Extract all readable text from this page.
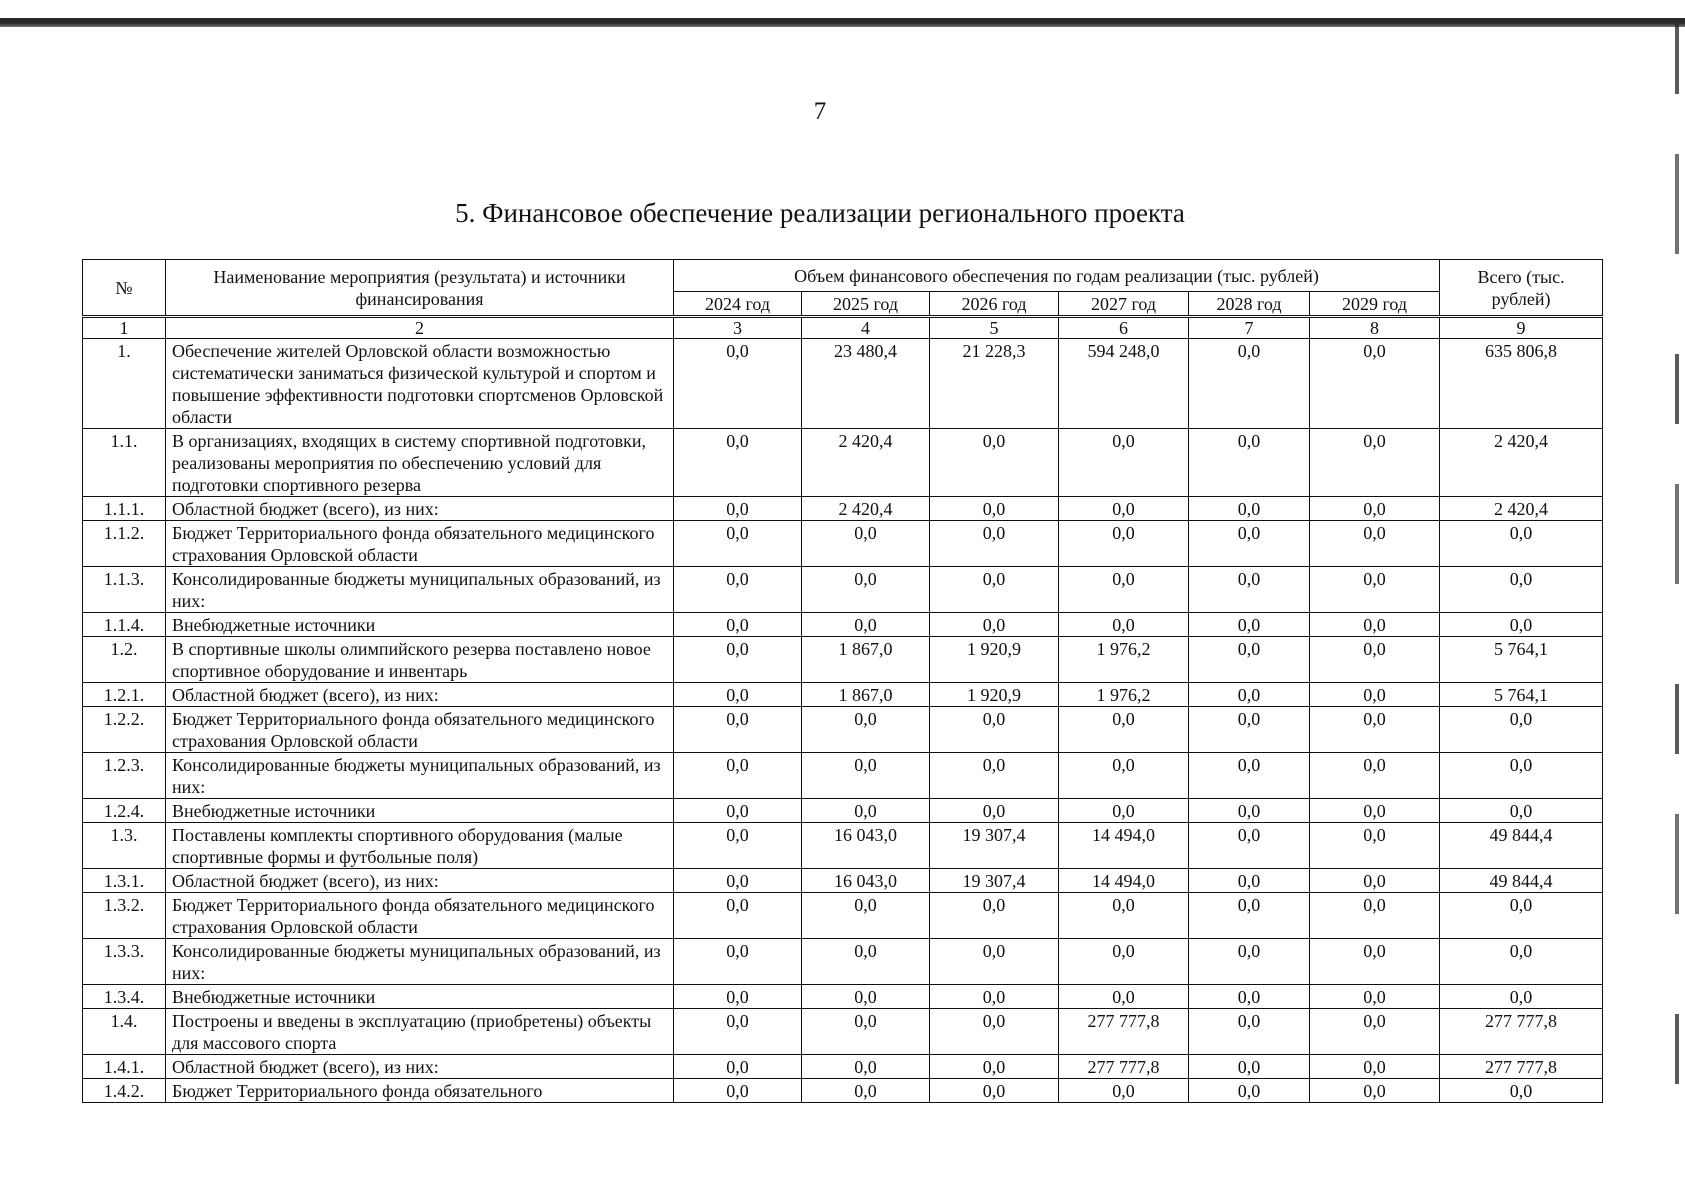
7
5. Финансовое обеспечение реализации регионального проекта
№	Наименование мероприятия (результата) и источники финансирования	Объем финансового обеспечения по годам реализации (тыс. рублей)						Всего (тыс. рублей)
		2024 год	2025 год	2026 год	2027 год	2028 год	2029 год	
1	2	3	4	5	6	7	8	9
1.	Обеспечение жителей Орловской области возможностью систематически заниматься физической культурой и спортом и повышение эффективности подготовки спортсменов Орловской области	0,0	23 480,4	21 228,3	594 248,0	0,0	0,0	635 806,8
1.1.	В организациях, входящих в систему спортивной подготовки, реализованы мероприятия по обеспечению условий для подготовки спортивного резерва	0,0	2 420,4	0,0	0,0	0,0	0,0	2 420,4
1.1.1.	Областной бюджет (всего), из них:	0,0	2 420,4	0,0	0,0	0,0	0,0	2 420,4
1.1.2.	Бюджет Территориального фонда обязательного медицинского страхования Орловской области	0,0	0,0	0,0	0,0	0,0	0,0	0,0
1.1.3.	Консолидированные бюджеты муниципальных образований, из них:	0,0	0,0	0,0	0,0	0,0	0,0	0,0
1.1.4.	Внебюджетные источники	0,0	0,0	0,0	0,0	0,0	0,0	0,0
1.2.	В спортивные школы олимпийского резерва поставлено новое спортивное оборудование и инвентарь	0,0	1 867,0	1 920,9	1 976,2	0,0	0,0	5 764,1
1.2.1.	Областной бюджет (всего), из них:	0,0	1 867,0	1 920,9	1 976,2	0,0	0,0	5 764,1
1.2.2.	Бюджет Территориального фонда обязательного медицинского страхования Орловской области	0,0	0,0	0,0	0,0	0,0	0,0	0,0
1.2.3.	Консолидированные бюджеты муниципальных образований, из них:	0,0	0,0	0,0	0,0	0,0	0,0	0,0
1.2.4.	Внебюджетные источники	0,0	0,0	0,0	0,0	0,0	0,0	0,0
1.3.	Поставлены комплекты спортивного оборудования (малые спортивные формы и футбольные поля)	0,0	16 043,0	19 307,4	14 494,0	0,0	0,0	49 844,4
1.3.1.	Областной бюджет (всего), из них:	0,0	16 043,0	19 307,4	14 494,0	0,0	0,0	49 844,4
1.3.2.	Бюджет Территориального фонда обязательного медицинского страхования Орловской области	0,0	0,0	0,0	0,0	0,0	0,0	0,0
1.3.3.	Консолидированные бюджеты муниципальных образований, из них:	0,0	0,0	0,0	0,0	0,0	0,0	0,0
1.3.4.	Внебюджетные источники	0,0	0,0	0,0	0,0	0,0	0,0	0,0
1.4.	Построены и введены в эксплуатацию (приобретены) объекты для массового спорта	0,0	0,0	0,0	277 777,8	0,0	0,0	277 777,8
1.4.1.	Областной бюджет (всего), из них:	0,0	0,0	0,0	277 777,8	0,0	0,0	277 777,8
1.4.2.	Бюджет Территориального фонда обязательного	0,0	0,0	0,0	0,0	0,0	0,0	0,0
